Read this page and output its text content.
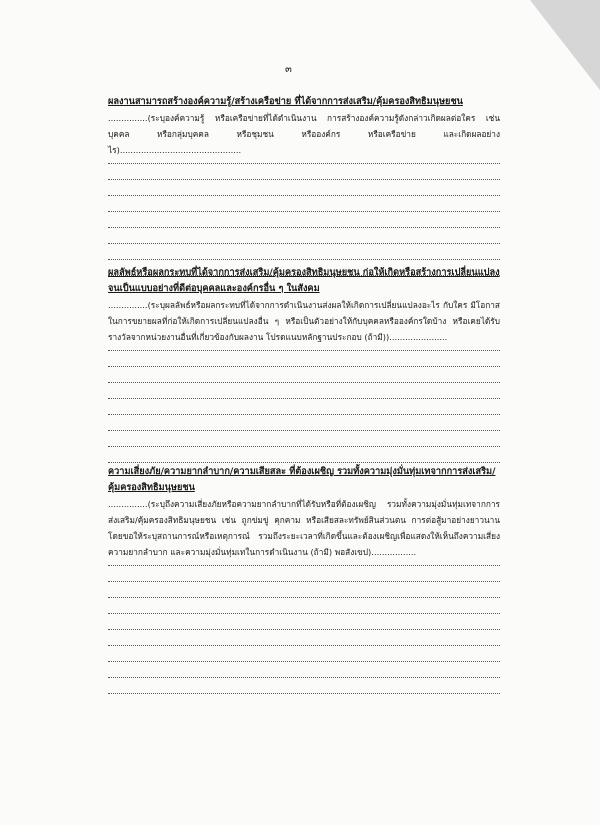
๓
ผลงานสามารถสร้างองค์ความรู้/สร้างเครือข่าย ที่ได้จากการส่งเสริม/คุ้มครองสิทธิมนุษยชน
...............(ระบุองค์ความรู้ หรือเครือข่ายที่ได้ดำเนินงาน การสร้างองค์ความรู้ดังกล่าวเกิดผลต่อใคร เช่น บุคคล หรือกลุ่มบุคคล หรือชุมชน หรือองค์กร หรือเครือข่าย และเกิดผลอย่างไร)..............................................
ผลลัพธ์หรือผลกระทบที่ได้จากการส่งเสริม/คุ้มครองสิทธิมนุษยชน ก่อให้เกิดหรือสร้างการเปลี่ยนแปลง จนเป็นแบบอย่างที่ดีต่อบุคคลและองค์กรอื่น ๆ ในสังคม
...............(ระบุผลลัพธ์หรือผลกระทบที่ได้จากการดำเนินงานส่งผลให้เกิดการเปลี่ยนแปลงอะไร กับใคร มีโอกาสในการขยายผลที่ก่อให้เกิดการเปลี่ยนแปลงอื่น ๆ หรือเป็นตัวอย่างให้กับบุคคลหรือองค์กรใดบ้าง หรือเคยได้รับรางวัลจากหน่วยงานอื่นที่เกี่ยวข้องกับผลงาน โปรดแนบหลักฐานประกอบ (ถ้ามี))......................
ความเสี่ยงภัย/ความยากลำบาก/ความเสียสละ ที่ต้องเผชิญ รวมทั้งความมุ่งมั่นทุ่มเทจากการส่งเสริม/คุ้มครองสิทธิมนุษยชน
...............(ระบุถึงความเสี่ยงภัยหรือความยากลำบากที่ได้รับหรือที่ต้องเผชิญ รวมทั้งความมุ่งมั่นทุ่มเทจากการส่งเสริม/คุ้มครองสิทธิมนุษยชน เช่น ถูกข่มขู่ คุกคาม หรือเสียสละทรัพย์สินส่วนตน การต่อสู้มาอย่างยาวนาน โดยขอให้ระบุสถานการณ์หรือเหตุการณ์ รวมถึงระยะเวลาที่เกิดขึ้นและต้องเผชิญเพื่อแสดงให้เห็นถึงความเสี่ยง ความยากลำบาก และความมุ่งมั่นทุ่มเทในการดำเนินงาน (ถ้ามี) พอสังเขป).................
